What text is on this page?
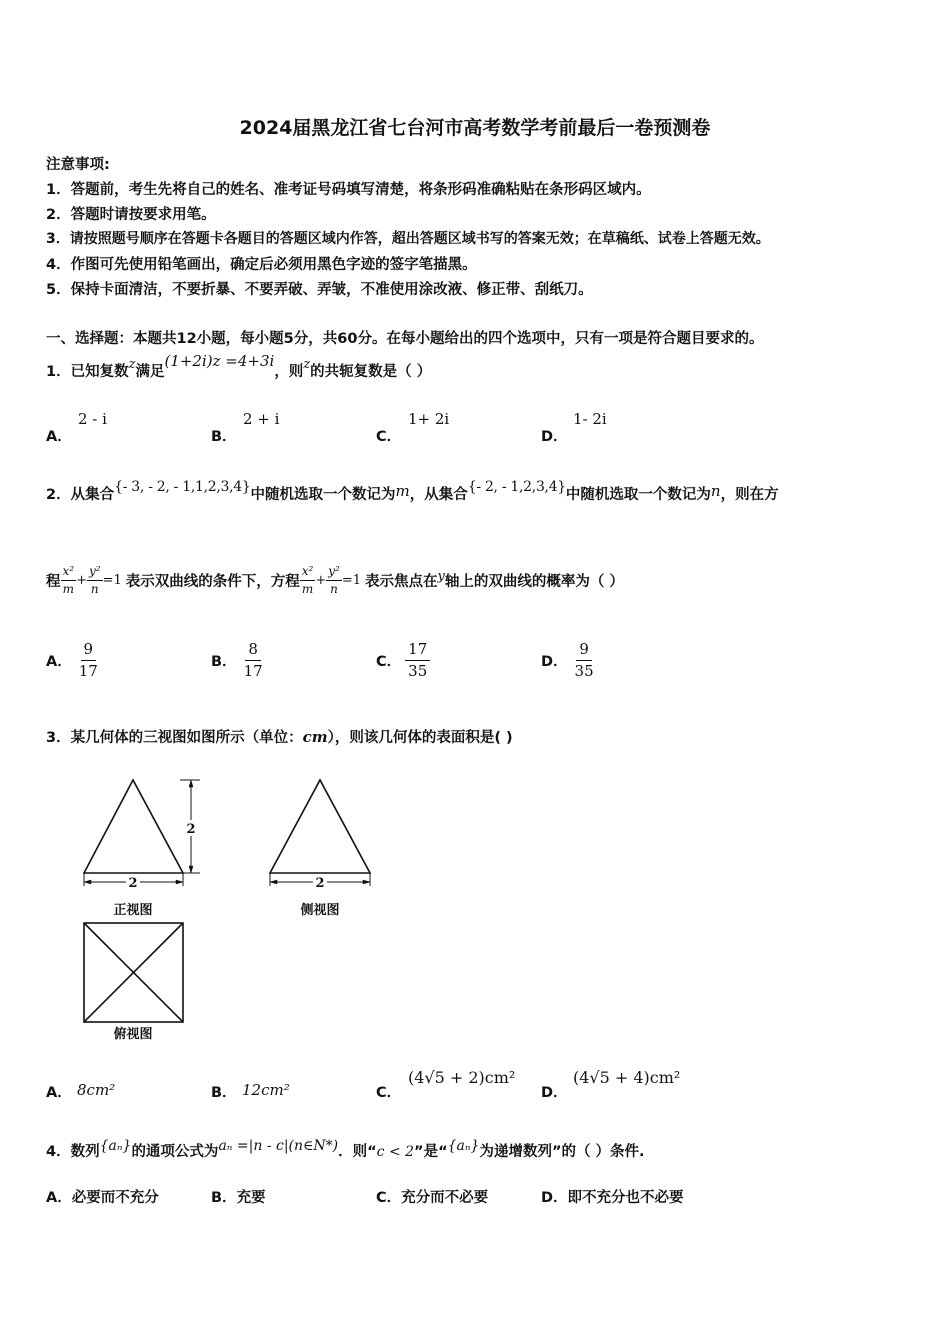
2024届黑龙江省七台河市高考数学考前最后一卷预测卷
注意事项:
1．答题前，考生先将自己的姓名、准考证号码填写清楚，将条形码准确粘贴在条形码区域内。
2．答题时请按要求用笔。
3．请按照题号顺序在答题卡各题目的答题区域内作答，超出答题区域书写的答案无效；在草稿纸、试卷上答题无效。
4．作图可先使用铅笔画出，确定后必须用黑色字迹的签字笔描黑。
5．保持卡面清洁，不要折暴、不要弄破、弄皱，不准使用涂改液、修正带、刮纸刀。
一、选择题：本题共12小题，每小题5分，共60分。在每小题给出的四个选项中，只有一项是符合题目要求的。
1．已知复数z满足(1+2i)z =4+3i，则z的共轭复数是（ ）
A．
2 - i
B．
2 + i
C．
1+ 2i
D．
1- 2i
2．从集合{- 3, - 2, - 1,1,2,3,4}中随机选取一个数记为m，从集合{- 2, - 1,2,3,4}中随机选取一个数记为n，则在方
程 $\frac{\text{x²}}{m} + \frac{\text{y²}}{n} =1$ 表示双曲线的条件下，方程 $\frac{\text{x²}}{m} + \frac{\text{y²}}{n} =1$ 表示焦点在 y 轴上的双曲线的概率为（ ）
A． $\frac{9}{17}$	B． $\frac{8}{17}$	C． $\frac{17}{35}$	D． $\frac{9}{35}$
3．某几何体的三视图如图所示（单位：cm），则该几何体的表面积是( )
2
2
正视图
2
侧视图
俯视图
A． 8cm²	B． 12cm²	C．
(4√5 + 2)cm²
D．
(4√5 + 4)cm²
4．数列{aₙ}的通项公式为aₙ =|n - c|(n∈N*)．则“c < 2”是“{aₙ}为递增数列”的（ ）条件.
A．必要而不充分	B．充要	C．充分而不必要	D．即不充分也不必要
